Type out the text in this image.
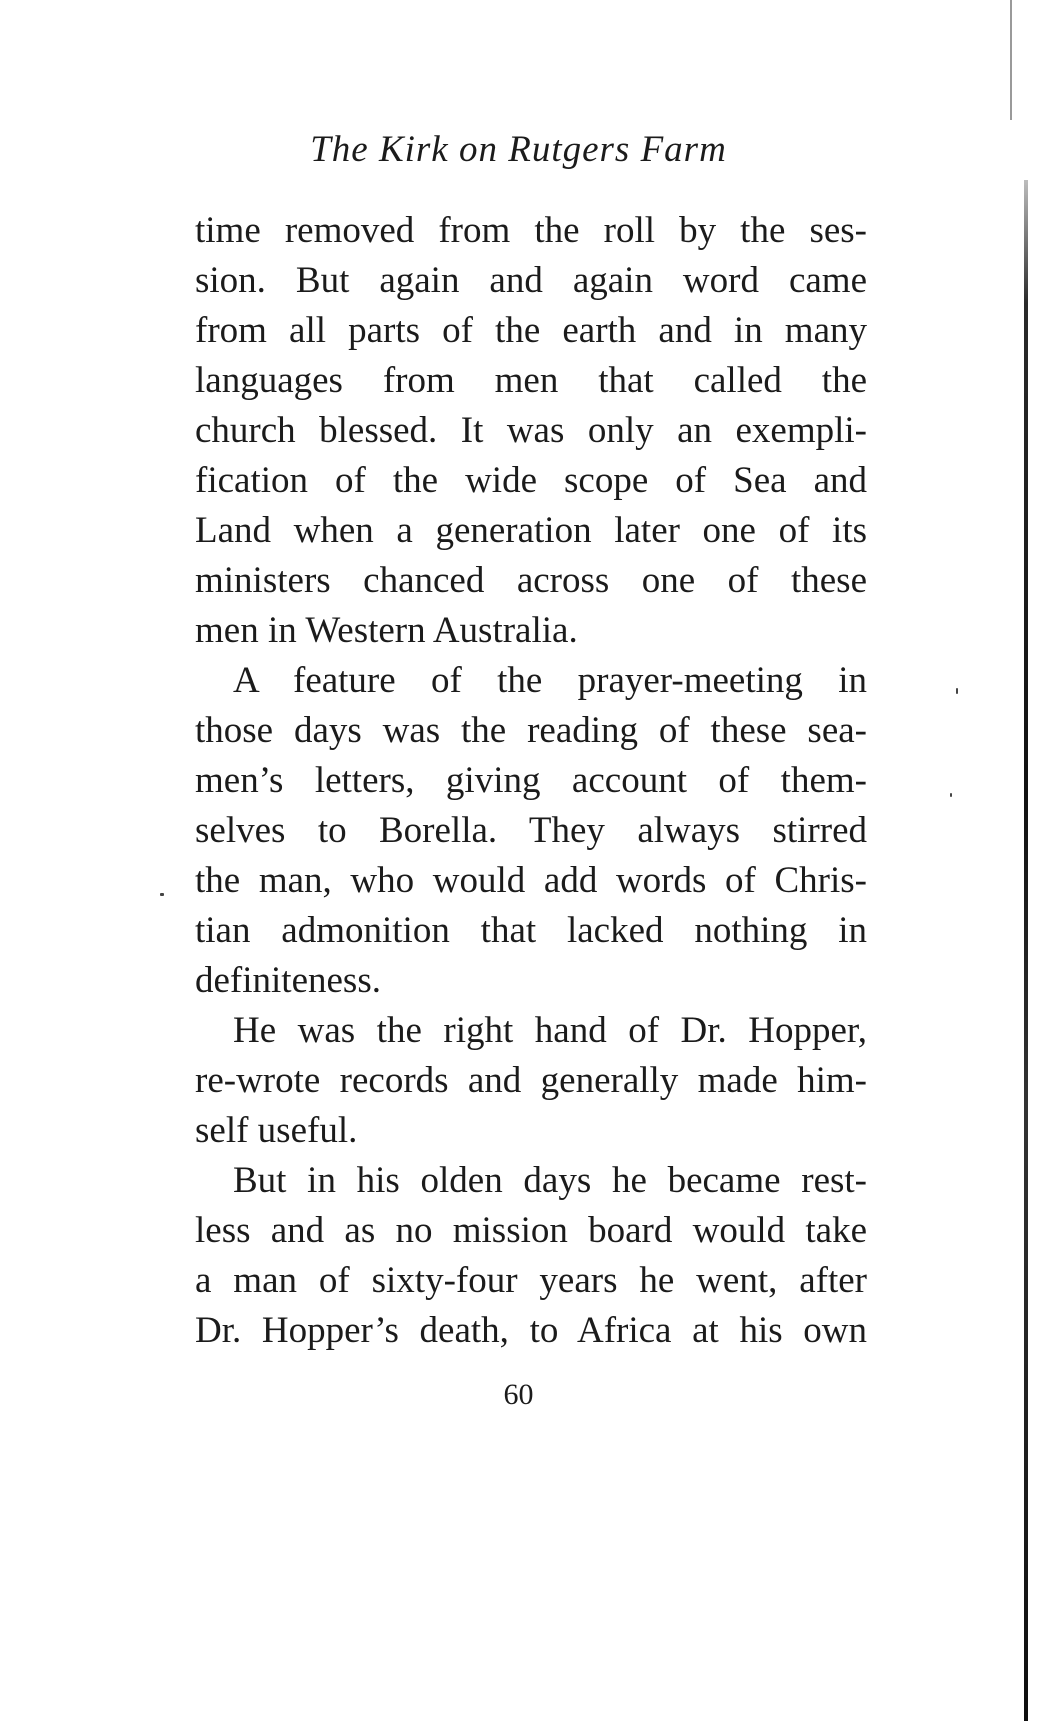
The Kirk on Rutgers Farm

time removed from the roll by the ses-
sion. But again and again word came
from all parts of the earth and in many
languages from men that called the
church blessed. It was only an exempli-
fication of the wide scope of Sea and
Land when a generation later one of its
ministers chanced across one of these
men in Western Australia.

A feature of the prayer-meeting in
those days was the reading of these sea-
men’s letters, giving account of them-
selves to Borella. They always stirred
the man, who would add words of Chris-
tian admonition that lacked nothing in
definiteness.

He was the right hand of Dr. Hopper,
re-wrote records and generally made him-
self useful.

But in his olden days he became rest-
less and as no mission board would take
a man of sixty-four years he went, after
Dr. Hopper’s death, to Africa at his own

60
